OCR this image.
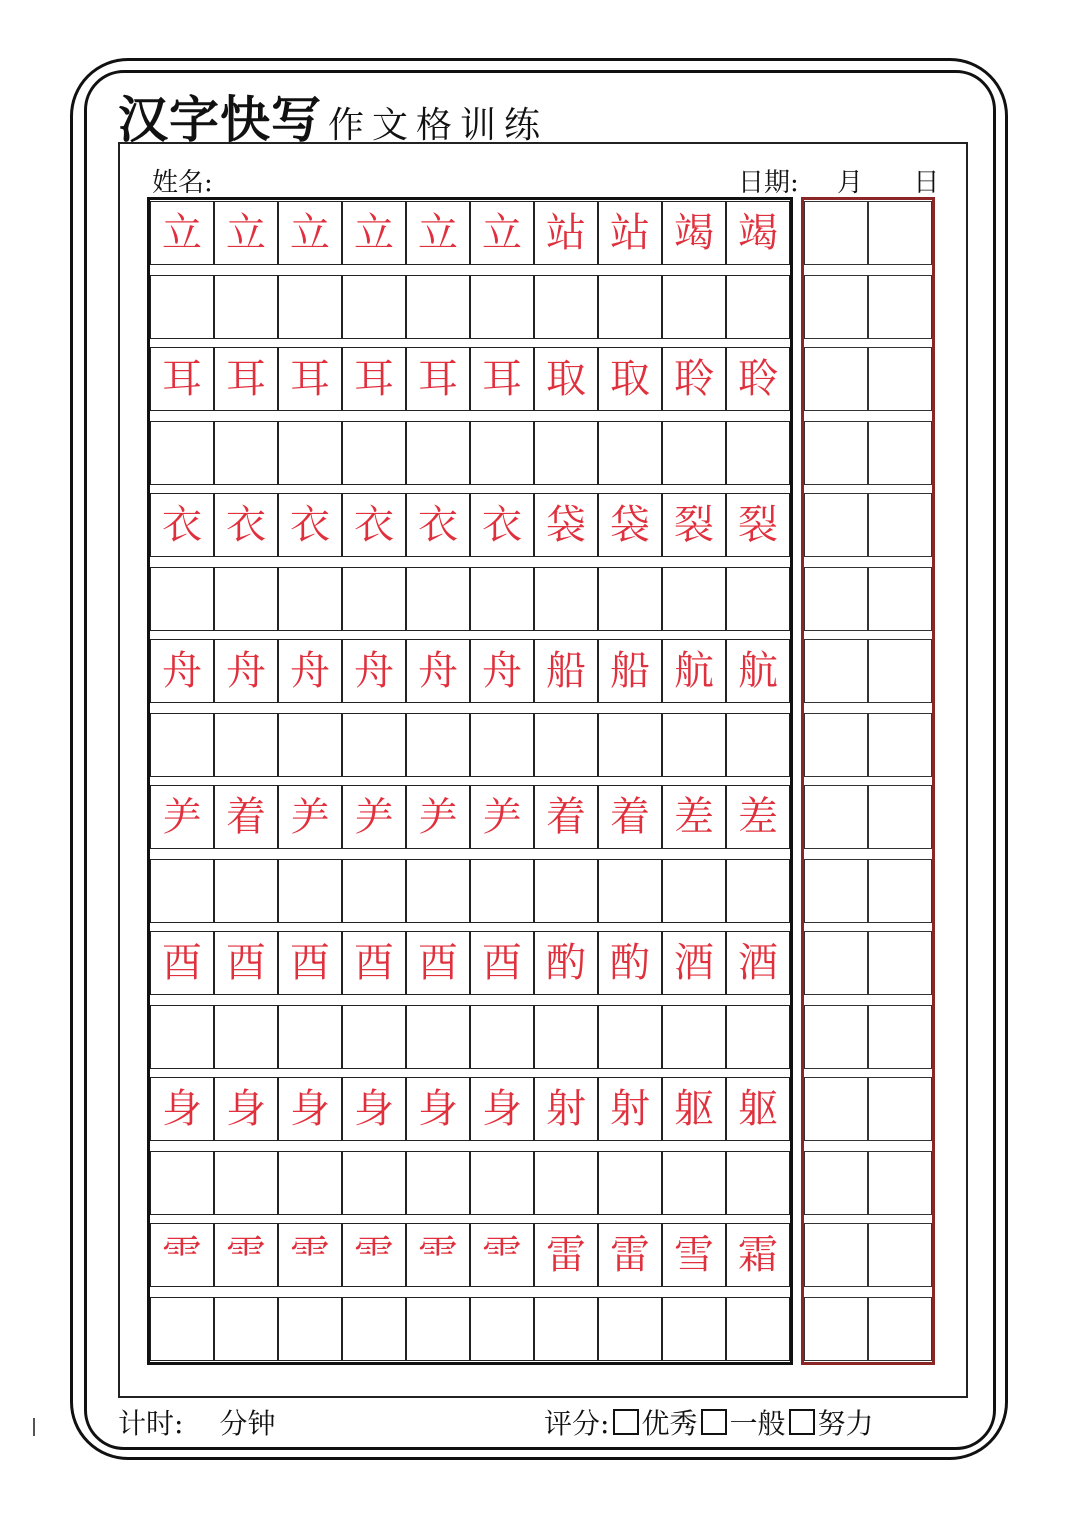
汉字快写 作文格训练
姓名:	日期: 月 日
立 立 立 立 立 立 站 站 竭 竭
耳 耳 耳 耳 耳 耳 取 取 聆 聆
衣 衣 衣 衣 衣 衣 袋 袋 裂 裂
舟 舟 舟 舟 舟 舟 船 船 航 航
⺶ 着 ⺶ ⺶ ⺶ ⺶ 着 着 差 差
酉 酉 酉 酉 酉 酉 酌 酌 酒 酒
身 身 身 身 身 身 射 射 躯 躯
⻗ ⻗ ⻗ ⻗ ⻗ ⻗ 雷 雷 雪 霜
计时: 分钟	评分: 优秀 一般 努力
